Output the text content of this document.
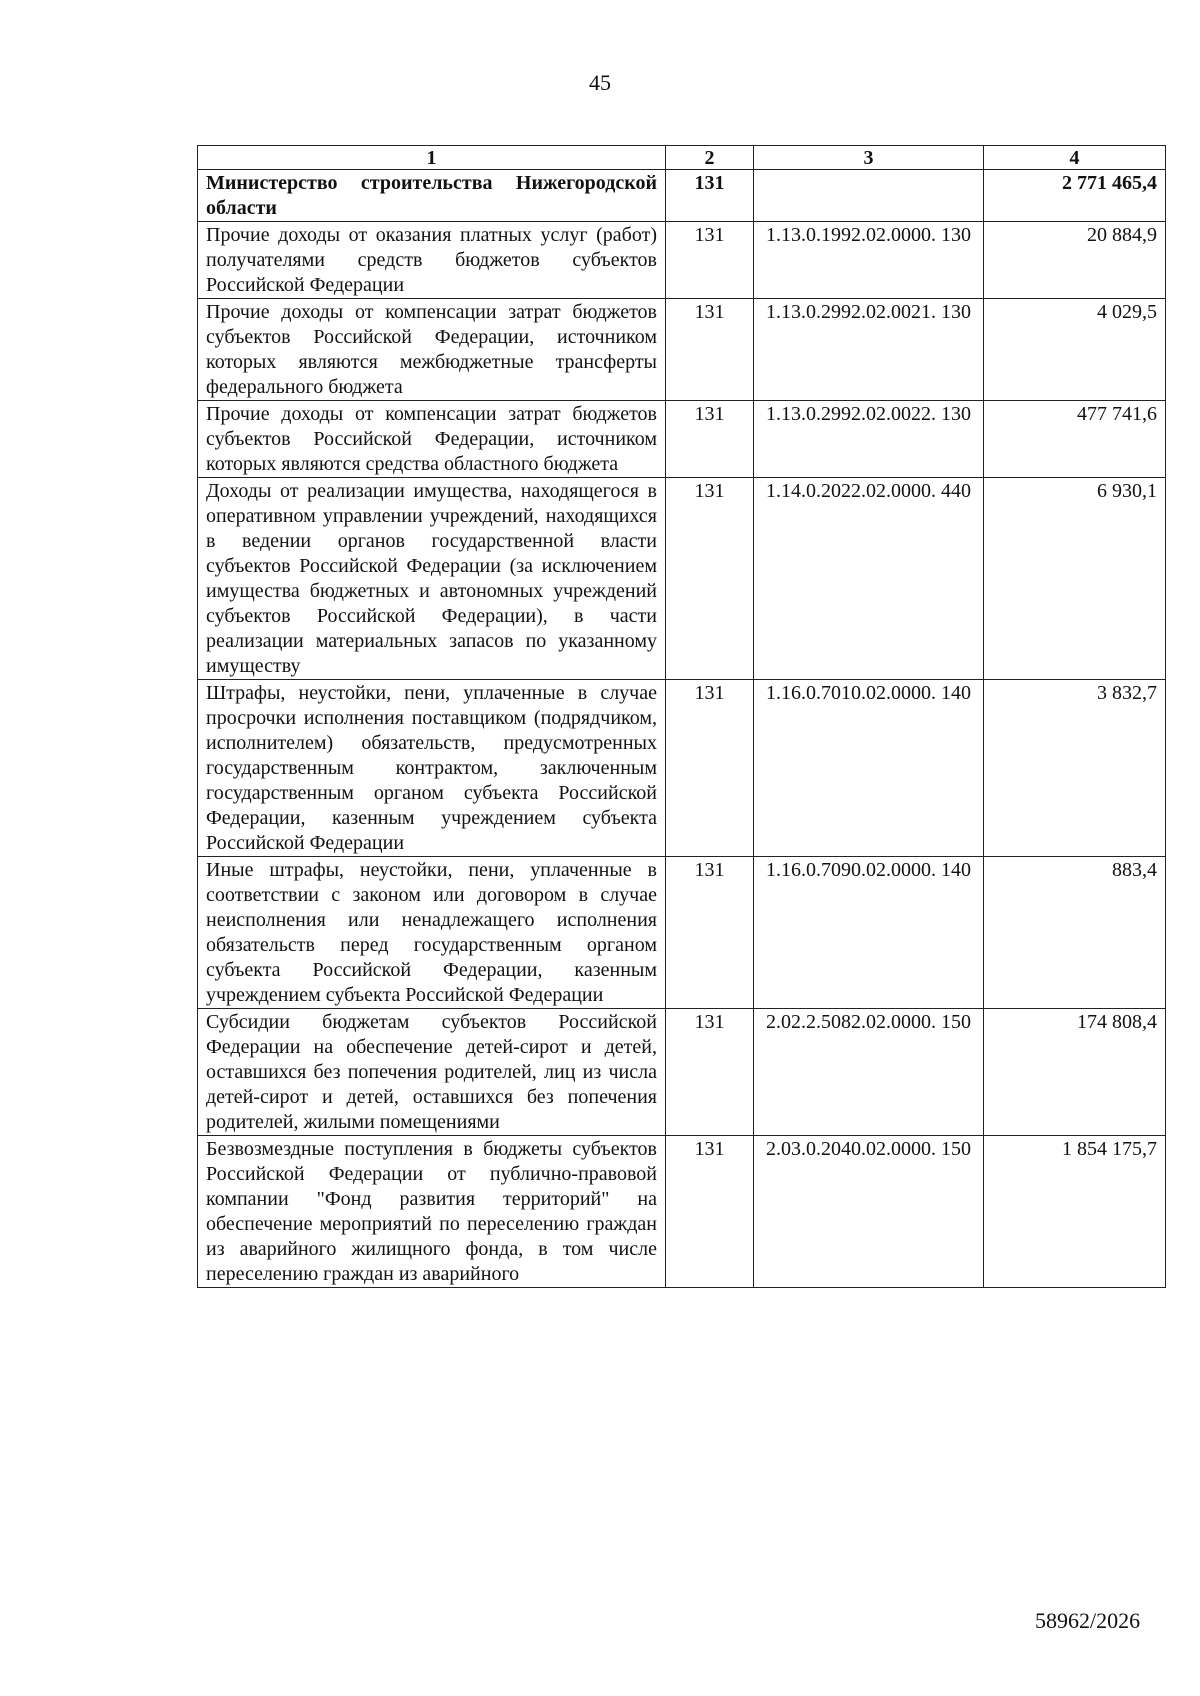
45
1	2	3	4
Министерство строительства Нижегородской области	131		2 771 465,4
Прочие доходы от оказания платных услуг (работ) получателями средств бюджетов субъектов Российской Федерации	131	1.13.0.1992.02.0000. 130	20 884,9
Прочие доходы от компенсации затрат бюджетов субъектов Российской Федерации, источником которых являются межбюджетные трансферты федерального бюджета	131	1.13.0.2992.02.0021. 130	4 029,5
Прочие доходы от компенсации затрат бюджетов субъектов Российской Федерации, источником которых являются средства областного бюджета	131	1.13.0.2992.02.0022. 130	477 741,6
Доходы от реализации имущества, находящегося в оперативном управлении учреждений, находящихся в ведении органов государственной власти субъектов Российской Федерации (за исключением имущества бюджетных и автономных учреждений субъектов Российской Федерации), в части реализации материальных запасов по указанному имуществу	131	1.14.0.2022.02.0000. 440	6 930,1
Штрафы, неустойки, пени, уплаченные в случае просрочки исполнения поставщиком (подрядчиком, исполнителем) обязательств, предусмотренных государственным контрактом, заключенным государственным органом субъекта Российской Федерации, казенным учреждением субъекта Российской Федерации	131	1.16.0.7010.02.0000. 140	3 832,7
Иные штрафы, неустойки, пени, уплаченные в соответствии с законом или договором в случае неисполнения или ненадлежащего исполнения обязательств перед государственным органом субъекта Российской Федерации, казенным учреждением субъекта Российской Федерации	131	1.16.0.7090.02.0000. 140	883,4
Субсидии бюджетам субъектов Российской Федерации на обеспечение детей-сирот и детей, оставшихся без попечения родителей, лиц из числа детей-сирот и детей, оставшихся без попечения родителей, жилыми помещениями	131	2.02.2.5082.02.0000. 150	174 808,4
Безвозмездные поступления в бюджеты субъектов Российской Федерации от публично-правовой компании "Фонд развития территорий" на обеспечение мероприятий по переселению граждан из аварийного жилищного фонда, в том числе переселению граждан из аварийного	131	2.03.0.2040.02.0000. 150	1 854 175,7
58962/2026
